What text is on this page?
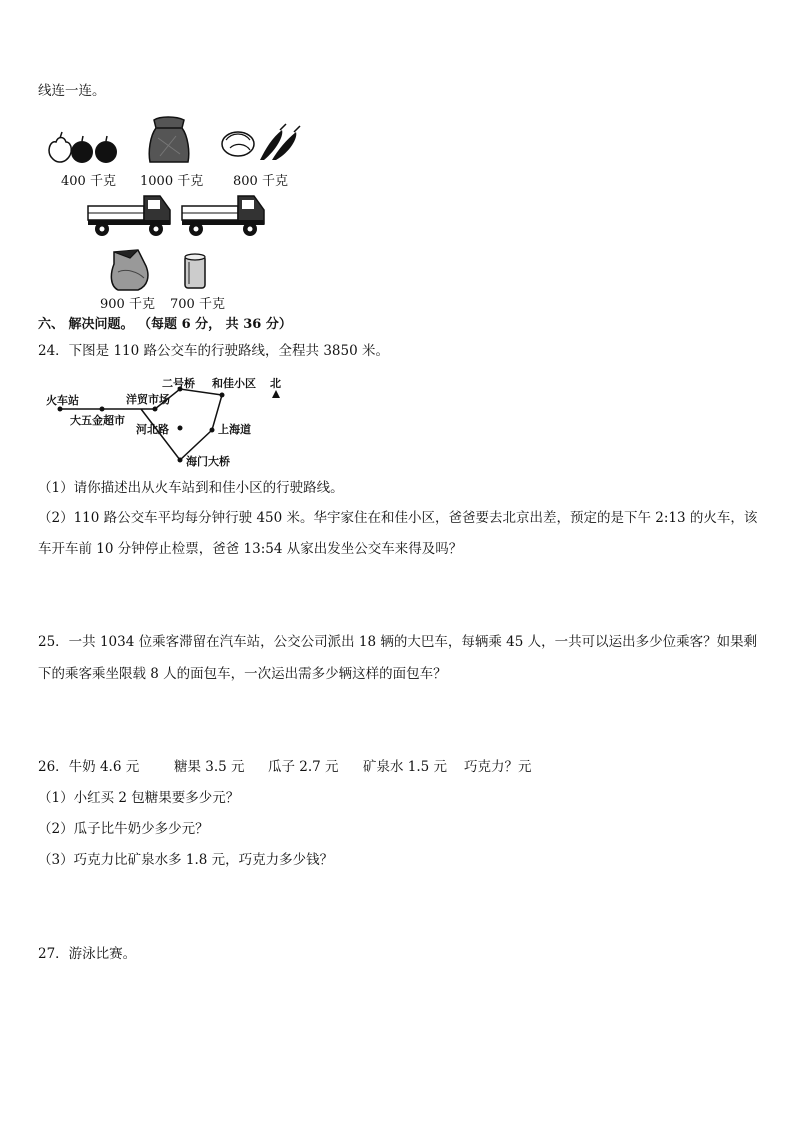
线连一连。
400 千克 1000 千克 800 千克
900 千克 700 千克
六、 解决问题。 （每题 6 分， 共 36 分）
24．下图是 110 路公交车的行驶路线，全程共 3850 米。
火车站
大五金超市
洋贸市场
二号桥 和佳小区 北
河北路	上海道
海门大桥
（1）请你描述出从火车站到和佳小区的行驶路线。
（2）110 路公交车平均每分钟行驶 450 米。华宇家住在和佳小区，爸爸要去北京出差，预定的是下午 2:13 的火车，该
车开车前 10 分钟停止检票，爸爸 13:54 从家出发坐公交车来得及吗？
25．一共 1034 位乘客滞留在汽车站，公交公司派出 18 辆的大巴车，每辆乘 45 人，一共可以运出多少位乘客？如果剩
下的乘客乘坐限载 8 人的面包车，一次运出需多少辆这样的面包车？
26．牛奶 4.6 元	糖果 3.5 元 瓜子 2.7 元 矿泉水 1.5 元 巧克力？元
（1）小红买 2 包糖果要多少元？
（2）瓜子比牛奶少多少元？
（3）巧克力比矿泉水多 1.8 元，巧克力多少钱？
27．游泳比赛。
